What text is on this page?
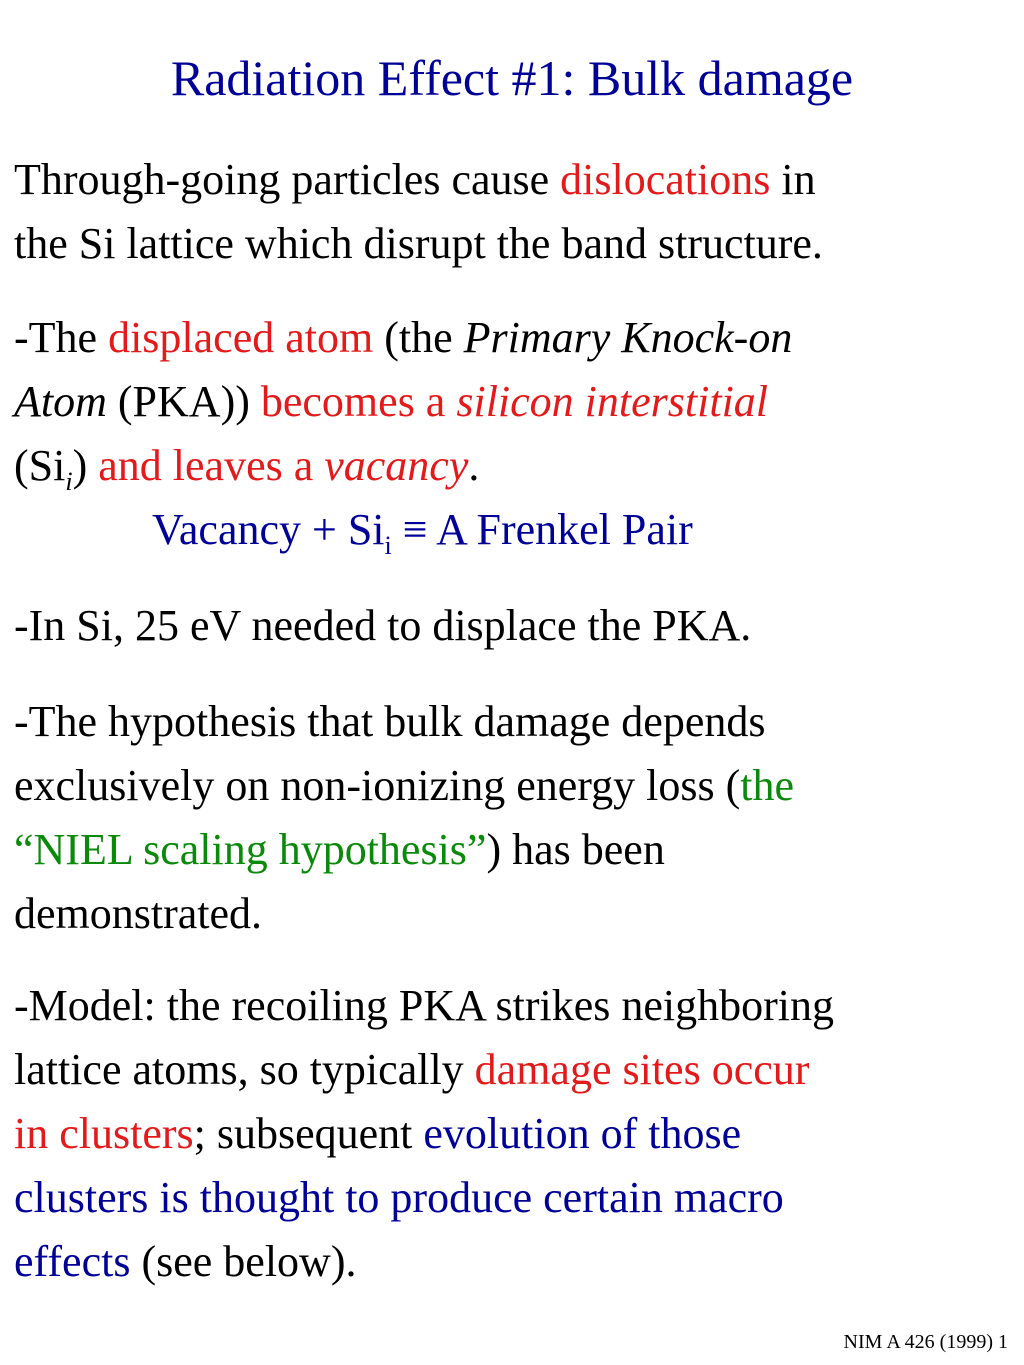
Radiation Effect #1: Bulk damage

Through-going particles cause dislocations in
the Si lattice which disrupt the band structure.

-The displaced atom (the Primary Knock-on
Atom (PKA)) becomes a silicon interstitial
$(Si_i)$ and leaves a vacancy.

Vacancy + $Si_i \equiv A$ Frenkel Pair

-In Si, 25 eV needed to displace the PKA.

-The hypothesis that bulk damage depends
exclusively on non-ionizing energy loss (the
“NIEL scaling hypothesis”) has been
demonstrated.

-Model: the recoiling PKA strikes neighboring
lattice atoms, so typically damage sites occur
in clusters; subsequent evolution of those
clusters is thought to produce certain macro
effects (see below).

NIM A 426 (1999) 1
